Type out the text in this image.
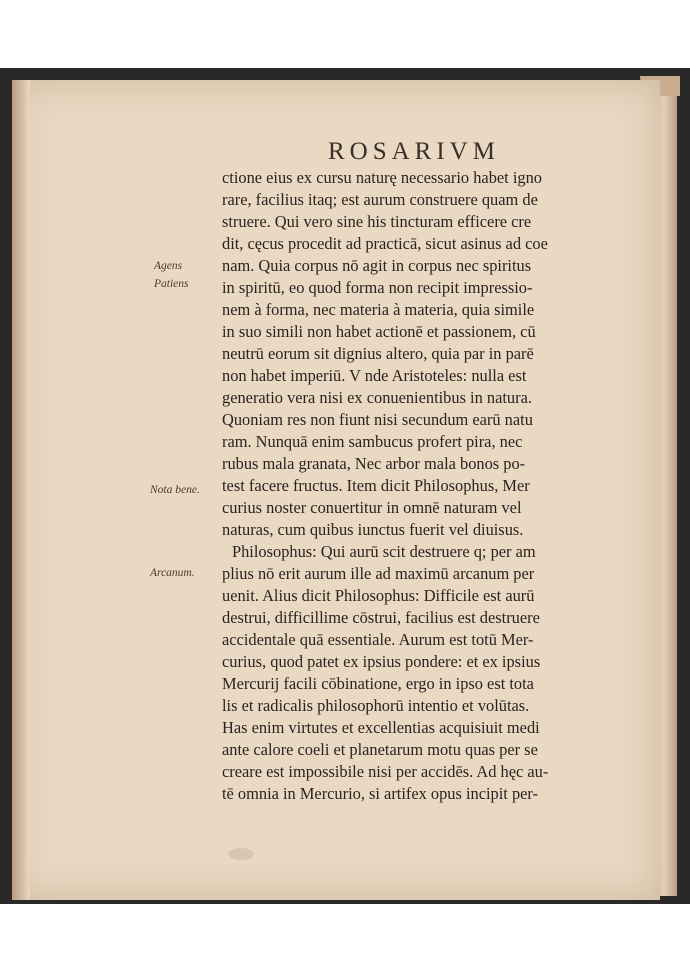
ROSARIVM
Agens
Patiens
Nota bene.
Arcanum.
ctione eius ex cursu naturę necessario habet igno
rare, facilius itaq; est aurum construere quam de
struere. Qui vero sine his tincturam efficere cre
dit, cęcus procedit ad practicā, sicut asinus ad coe
nam. Quia corpus nō agit in corpus nec spiritus
in spiritū, eo quod forma non recipit impressio-
nem à forma, nec materia à materia, quia simile
in suo simili non habet actionē et passionem, cū
neutrū eorum sit dignius altero, quia par in parē
non habet imperiū. V nde Aristoteles: nulla est
generatio vera nisi ex conuenientibus in natura.
Quoniam res non fiunt nisi secundum earū natu
ram. Nunquā enim sambucus profert pira, nec
rubus mala granata, Nec arbor mala bonos po-
test facere fructus. Item dicit Philosophus, Mer
curius noster conuertitur in omnē naturam vel
naturas, cum quibus iunctus fuerit vel diuisus.
Philosophus: Qui aurū scit destruere q; per am
plius nō erit aurum ille ad maximū arcanum per
uenit. Alius dicit Philosophus: Difficile est aurū
destrui, difficillime cōstrui, facilius est destruere
accidentale quā essentiale. Aurum est totū Mer-
curius, quod patet ex ipsius pondere: et ex ipsius
Mercurij facili cōbinatione, ergo in ipso est tota
lis et radicalis philosophorū intentio et volūtas.
Has enim virtutes et excellentias acquisiuit medi
ante calore coeli et planetarum motu quas per se
creare est impossibile nisi per accidēs. Ad hęc au-
tē omnia in Mercurio, si artifex opus incipit per-
